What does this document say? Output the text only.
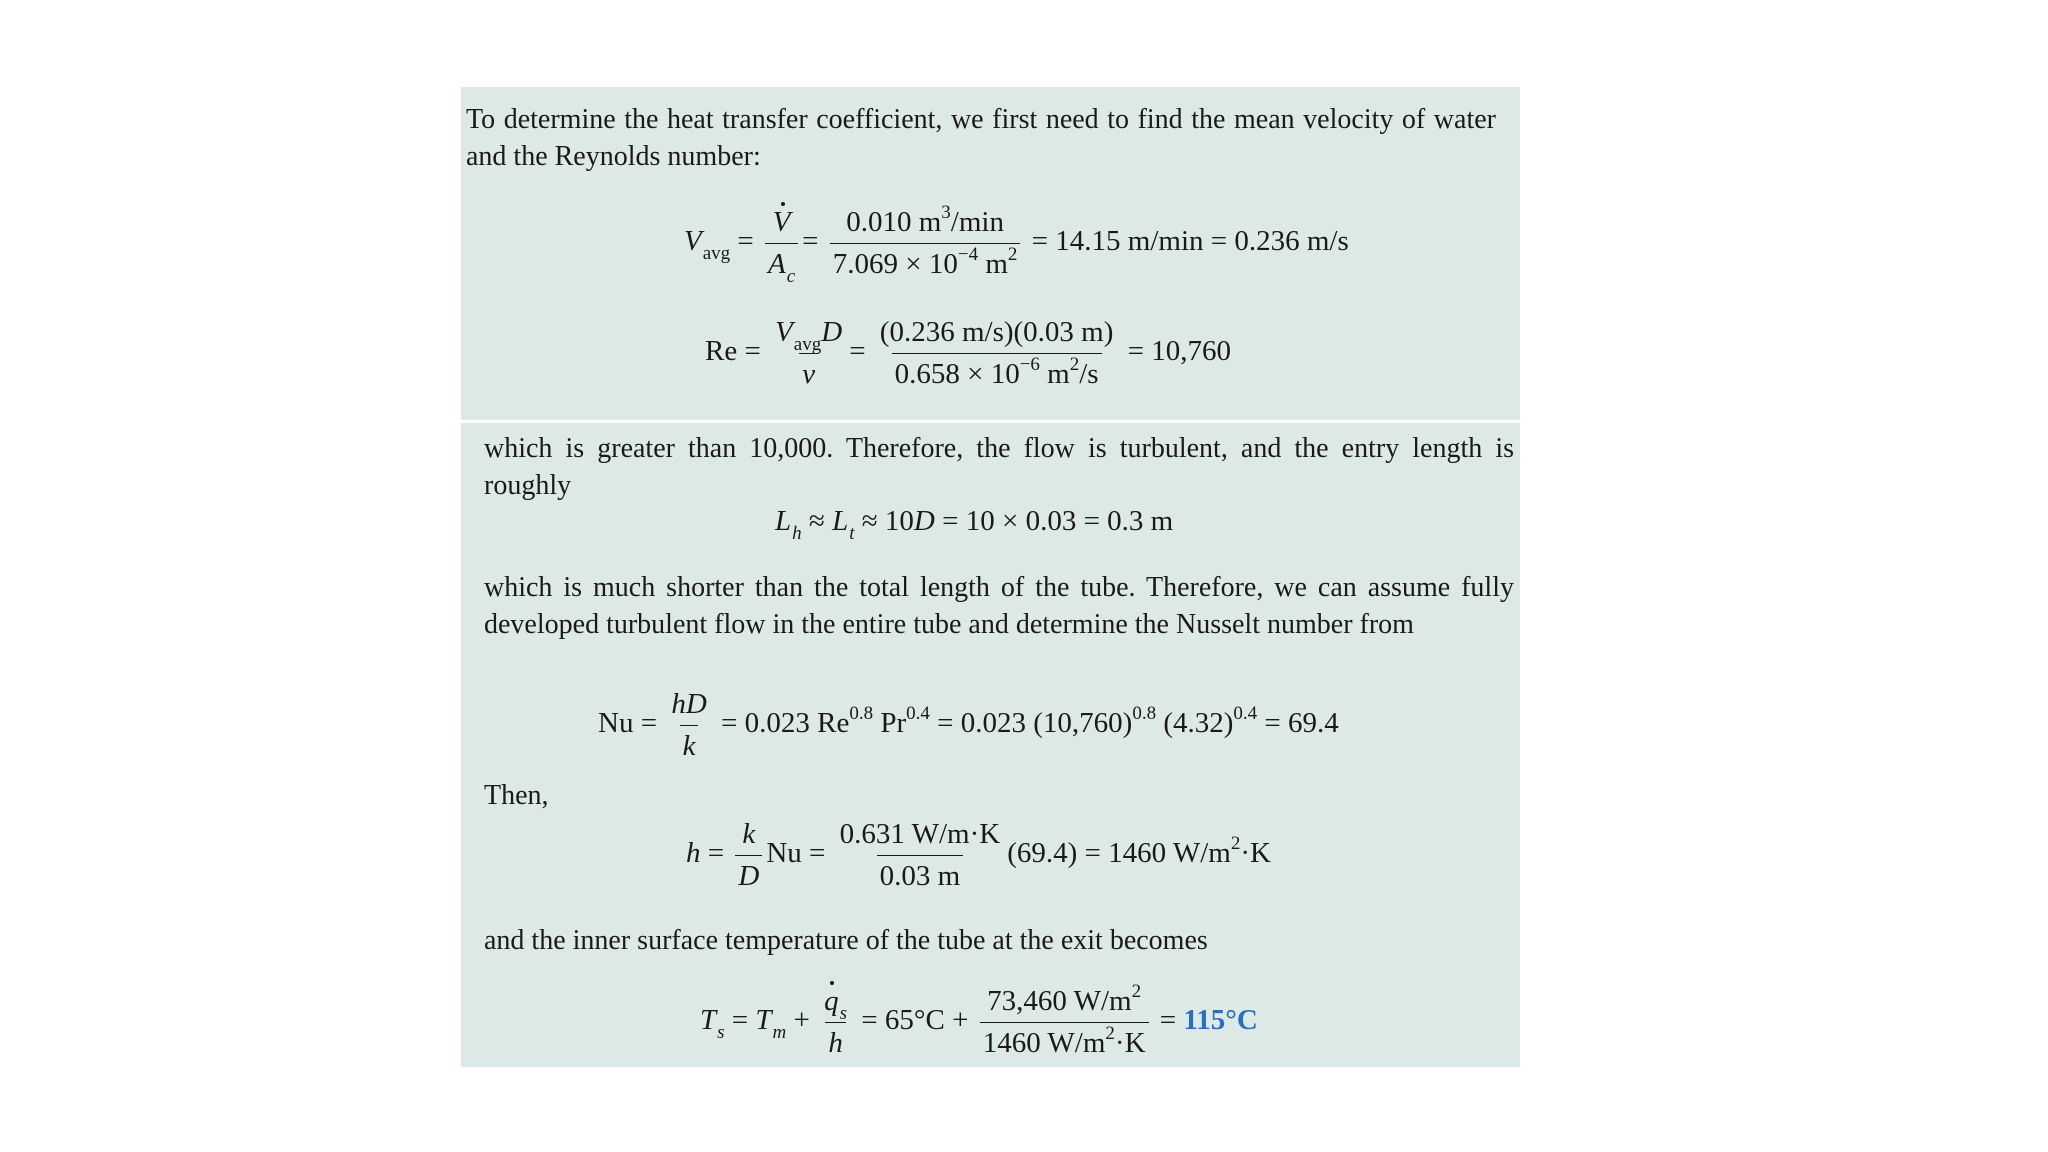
To determine the heat transfer coefficient, we first need to find the mean velocity of water and the Reynolds number:

$V_{avg} = \frac{V}{A_c} = \frac{0.010 m^3/\min}{7.069 \times 10^{-4} m^2} = 14.15$ m/min = 0.236 m/s
$Re = \frac{V_{avg}D}{\nu} = \frac{(0.236 m/s)(0.03 m)}{0.658 \times 10^{-6} m^2/s} = 10,760$

which is greater than 10,000. Therefore, the flow is turbulent, and the entry length is roughly

$L_h \approx L_t \approx 10D = 10 \times 0.03 = 0.3$ m

which is much shorter than the total length of the tube. Therefore, we can assume fully developed turbulent flow in the entire tube and determine the Nusselt number from

$Nu = \frac{hD}{k} = 0.023$ $Re^{0.8}$ $Pr^{0.4} = 0.023$ $(10,760)^{0.8}$ $(4.32)^{0.4} = 69.4$

Then,

$h = \frac{k}{D}$ $Nu = \frac{0.631 W/m\cdot K}{0.03 m} (69.4) = 1460$ $W/m^2\cdot K$

and the inner surface temperature of the tube at the exit becomes

$T_s = T_m + \frac{q_s}{h} = 65^\circ C + \frac{73,460 W/m^2}{1460 W/m^2\cdot K} = 115^\circ C$
